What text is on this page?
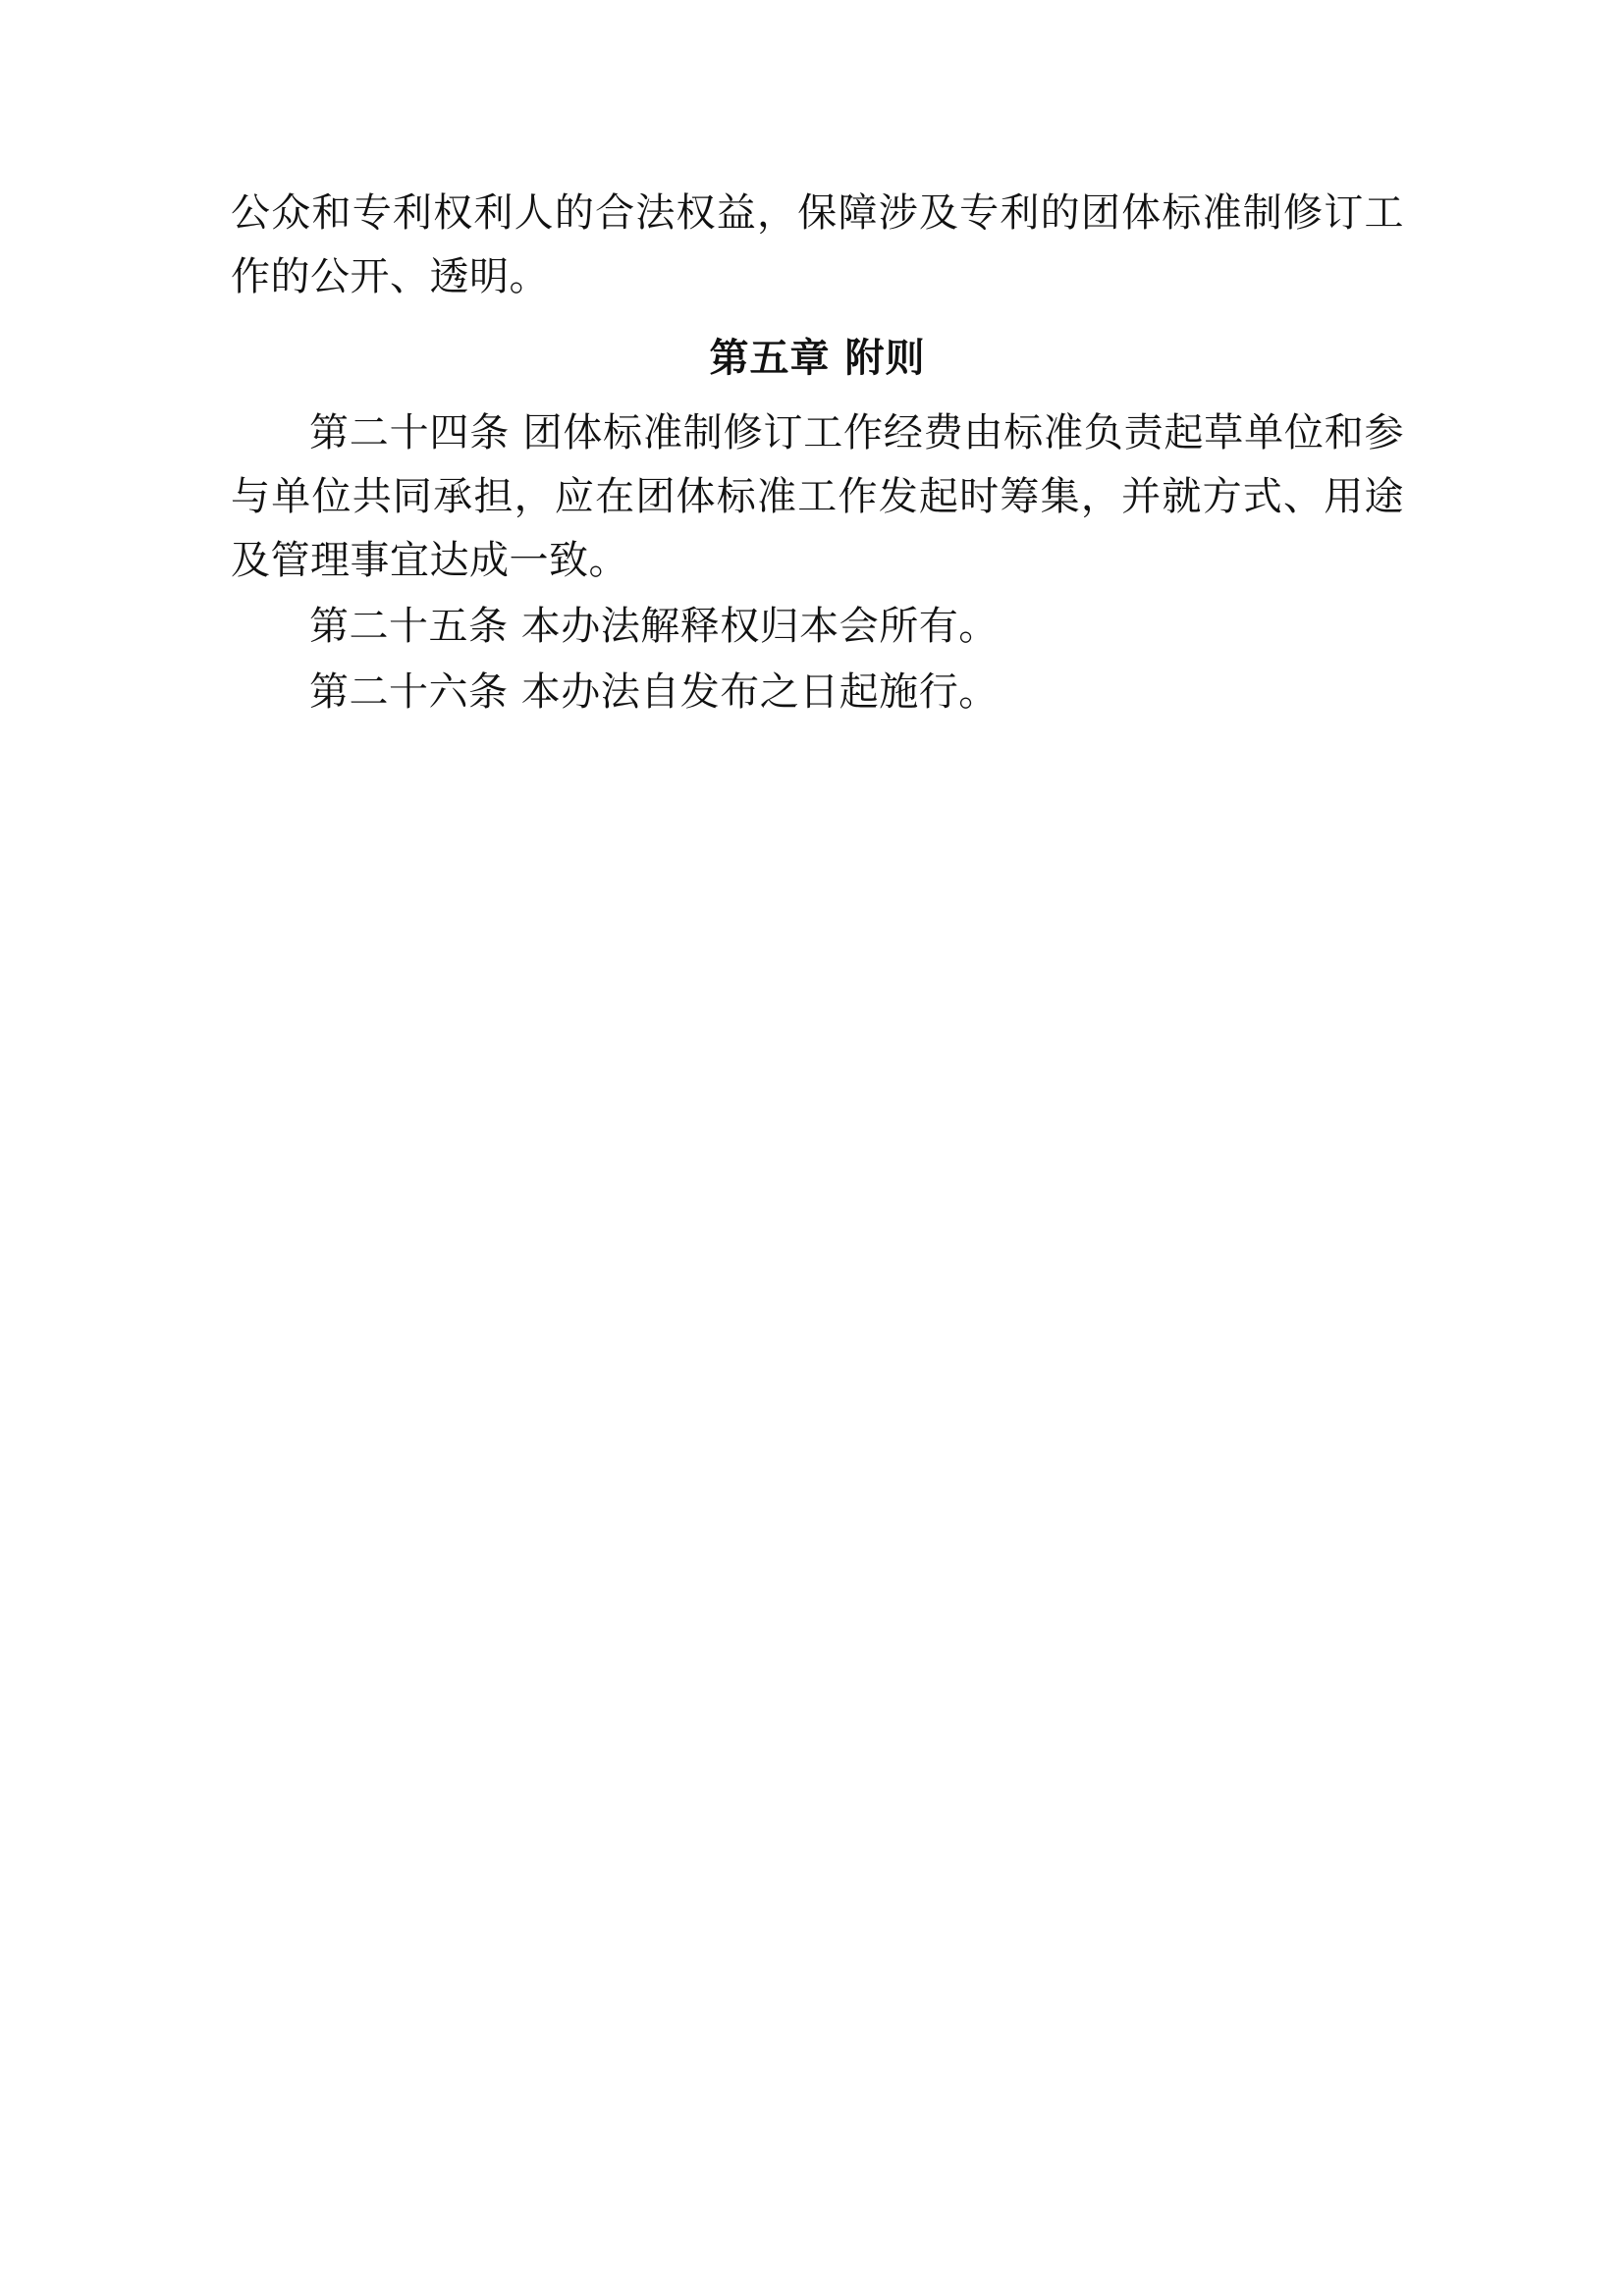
公众和专利权利人的合法权益，保障涉及专利的团体标准制修订工作的公开、透明。

第五章 附则

第二十四条 团体标准制修订工作经费由标准负责起草单位和参与单位共同承担，应在团体标准工作发起时筹集，并就方式、用途及管理事宜达成一致。

第二十五条 本办法解释权归本会所有。

第二十六条 本办法自发布之日起施行。
